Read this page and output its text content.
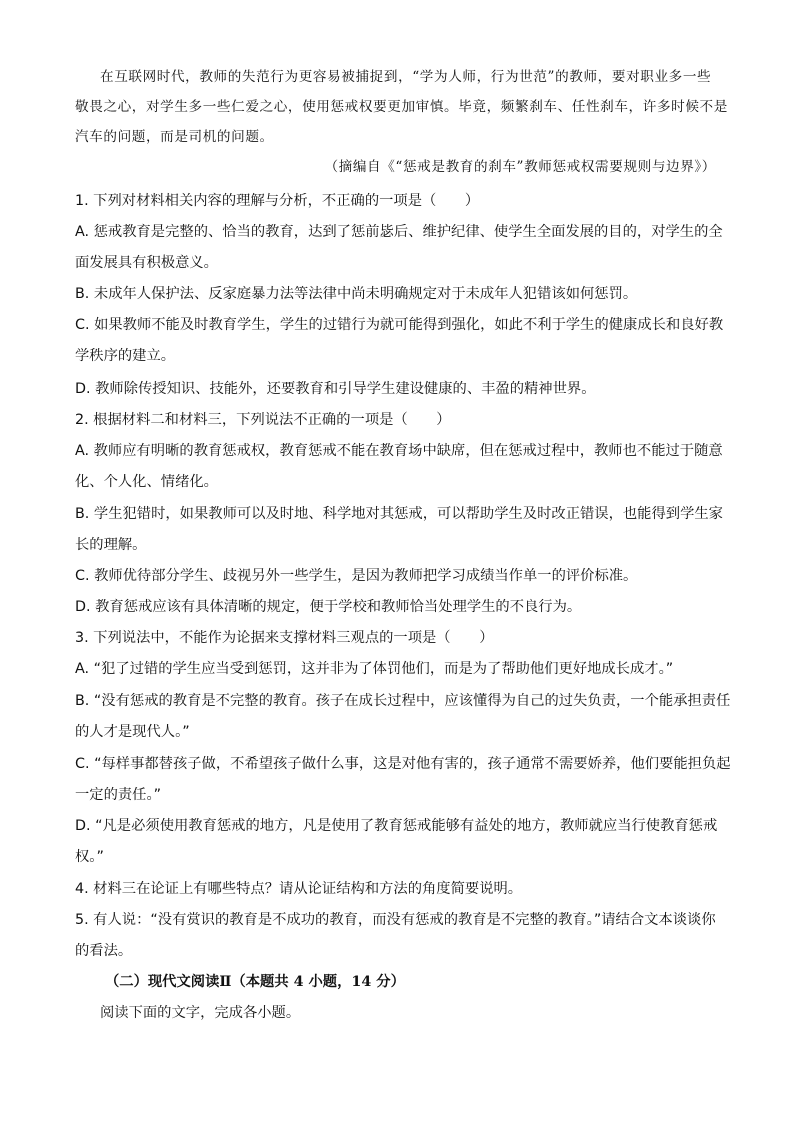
在互联网时代，教师的失范行为更容易被捕捉到，“学为人师，行为世范”的教师，要对职业多一些
敬畏之心，对学生多一些仁爱之心，使用惩戒权要更加审慎。毕竟，频繁刹车、任性刹车，许多时候不是
汽车的问题，而是司机的问题。
（摘编自《“惩戒是教育的刹车”教师惩戒权需要规则与边界》）
1. 下列对材料相关内容的理解与分析，不正确的一项是（　　）
A. 惩戒教育是完整的、恰当的教育，达到了惩前毖后、维护纪律、使学生全面发展的目的，对学生的全
面发展具有积极意义。
B. 未成年人保护法、反家庭暴力法等法律中尚未明确规定对于未成年人犯错该如何惩罚。
C. 如果教师不能及时教育学生，学生的过错行为就可能得到强化，如此不利于学生的健康成长和良好教
学秩序的建立。
D. 教师除传授知识、技能外，还要教育和引导学生建设健康的、丰盈的精神世界。
2. 根据材料二和材料三，下列说法不正确的一项是（　　）
A. 教师应有明晰的教育惩戒权，教育惩戒不能在教育场中缺席，但在惩戒过程中，教师也不能过于随意
化、个人化、情绪化。
B. 学生犯错时，如果教师可以及时地、科学地对其惩戒，可以帮助学生及时改正错误，也能得到学生家
长的理解。
C. 教师优待部分学生、歧视另外一些学生，是因为教师把学习成绩当作单一的评价标准。
D. 教育惩戒应该有具体清晰的规定，便于学校和教师恰当处理学生的不良行为。
3. 下列说法中，不能作为论据来支撑材料三观点的一项是（　　）
A. “犯了过错的学生应当受到惩罚，这并非为了体罚他们，而是为了帮助他们更好地成长成才。”
B. “没有惩戒的教育是不完整的教育。孩子在成长过程中，应该懂得为自己的过失负责，一个能承担责任
的人才是现代人。”
C. “每样事都替孩子做，不希望孩子做什么事，这是对他有害的，孩子通常不需要娇养，他们要能担负起
一定的责任。”
D. “凡是必须使用教育惩戒的地方，凡是使用了教育惩戒能够有益处的地方，教师就应当行使教育惩戒
权。”
4. 材料三在论证上有哪些特点？请从论证结构和方法的角度简要说明。
5. 有人说：“没有赏识的教育是不成功的教育，而没有惩戒的教育是不完整的教育。”请结合文本谈谈你
的看法。
（二）现代文阅读Ⅱ（本题共 4 小题，14 分）
阅读下面的文字，完成各小题。
